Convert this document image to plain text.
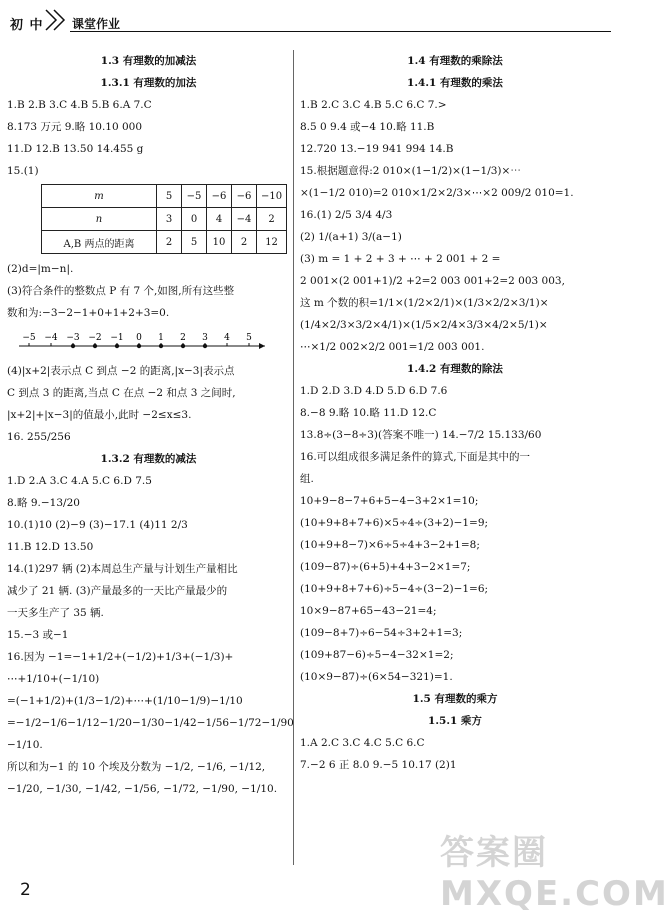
初 中 课堂作业
1.3 有理数的加减法
1.3.1 有理数的加法
1.B 2.B 3.C 4.B 5.B 6.A 7.C
8.173 万元 9.略 10.10 000
11.D 12.B 13.50 14.455 g
15.(1)
m	5	−5	−6	−6	−10
n	3	0	4	−4	2
A,B 两点的距离	2	5	10	2	12
(2)d=|m−n|.
(3)符合条件的整数点 P 有 7 个,如图,所有这些整
数和为:−3−2−1+0+1+2+3=0.
−5 −4 −3 −2 −1 0 1 2 3 4 5
(4)|x+2|表示点 C 到点 −2 的距离,|x−3|表示点
C 到点 3 的距离,当点 C 在点 −2 和点 3 之间时,
|x+2|+|x−3|的值最小,此时 −2≤x≤3.
16. 255/256
1.3.2 有理数的减法
1.D 2.A 3.C 4.A 5.C 6.D 7.5
8.略 9.−13/20
10.(1)10 (2)−9 (3)−17.1 (4)11 2/3
11.B 12.D 13.50
14.(1)297 辆 (2)本周总生产量与计划生产量相比
减少了 21 辆. (3)产量最多的一天比产量最少的
一天多生产了 35 辆.
15.−3 或−1
16.因为 −1=−1+1/2+(−1/2)+1/3+(−1/3)+
⋯+1/10+(−1/10)
=(−1+1/2)+(1/3−1/2)+⋯+(1/10−1/9)−1/10
=−1/2−1/6−1/12−1/20−1/30−1/42−1/56−1/72−1/90
−1/10.
所以和为−1 的 10 个埃及分数为 −1/2, −1/6, −1/12,
−1/20, −1/30, −1/42, −1/56, −1/72, −1/90, −1/10.
1.4 有理数的乘除法
1.4.1 有理数的乘法
1.B 2.C 3.C 4.B 5.C 6.C 7.>
8.5 0 9.4 或−4 10.略 11.B
12.720 13.−19 941 994 14.B
15.根据题意得:2 010×(1−1/2)×(1−1/3)×⋯
×(1−1/2 010)=2 010×1/2×2/3×⋯×2 009/2 010=1.
16.(1) 2/5 3/4 4/3
(2) 1/(a+1) 3/(a−1)
(3) m = 1 + 2 + 3 + ⋯ + 2 001 + 2 =
2 001×(2 001+1)/2 +2=2 003 001+2=2 003 003,
这 m 个数的积=1/1×(1/2×2/1)×(1/3×2/2×3/1)×
(1/4×2/3×3/2×4/1)×(1/5×2/4×3/3×4/2×5/1)×
⋯×1/2 002×2/2 001=1/2 003 001.
1.4.2 有理数的除法
1.D 2.D 3.D 4.D 5.D 6.D 7.6
8.−8 9.略 10.略 11.D 12.C
13.8÷(3−8÷3)(答案不唯一) 14.−7/2 15.133/60
16.可以组成很多满足条件的算式,下面是其中的一
组.
10+9−8−7+6+5−4−3+2×1=10;
(10+9+8+7+6)×5÷4÷(3+2)−1=9;
(10+9+8−7)×6÷5÷4+3−2+1=8;
(109−87)÷(6+5)+4+3−2×1=7;
(10+9+8+7+6)÷5−4÷(3−2)−1=6;
10×9−87+65−43−21=4;
(109−8+7)÷6−54÷3+2+1=3;
(109+87−6)÷5−4−32×1=2;
(10×9−87)÷(6×54−321)=1.
1.5 有理数的乘方
1.5.1 乘方
1.A 2.C 3.C 4.C 5.C 6.C
7.−2 6 正 8.0 9.−5 10.17 (2)1
答案圈 MXQE.COM
2
